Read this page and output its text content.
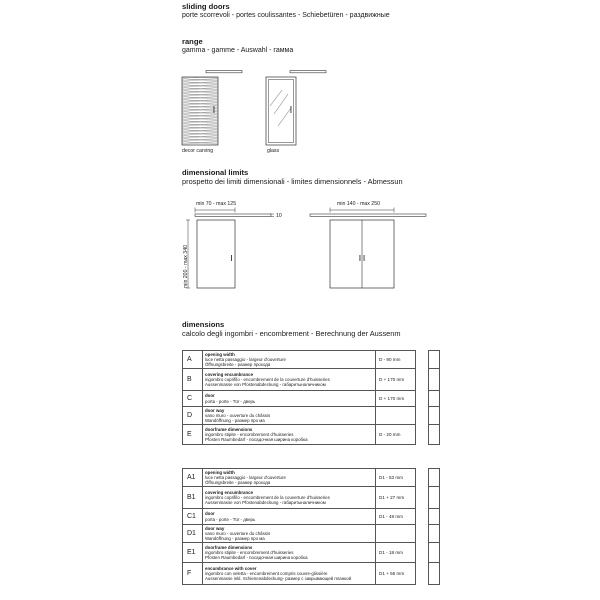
sliding doors
porte scorrevoli - portes coulissantes - Schiebetüren - раздвижные
range
gamma - gamme - Auswahl - гамма
decor carving	glass
dimensional limits
prospetto dei limiti dimensionali - limites dimensionnels - Abmessun
min 70 - max 125	min 140 - max 250
10
min 200 - max 340
dimensions
calcolo degli ingombri - encombrement - Berechnung der Aussenm
A	opening width
luce netta passaggio - largeur d'ouverture
Öffnungsbreite - размер прохода	D - 90 mm		
B	covering encumbrance
ingombro coprifilo - encombrement de la couverture d'huisseries
Aussenmasse von Pfostenabdeckung - габаритыналичником	D + 170 mm		
C	door
porta - porte - Tür - дверь	D + 170 mm		
D	door way
vano muro - ouverture du châssis
Wandöffnung - размер про ма			

E	doorframe dimensions
ingombro stipite - encombrement d'huisseries
Pfosten Raumbedarf - посадочная ширина коробка	D - 20 mm		
A1	opening width
luce netta passaggio - largeur d'ouverture
Öffnungsbreite - размер прохода	D1 - 53 mm		
B1	covering encumbrance
ingombro coprifilo - encombrement de la couverture d'huisseries
Aussenmasse von Pfostenabdeckung - габаритыналичником	D1 + 27 mm		
C1	door
porta - porte - Tür - дверь	D1 - 48 mm		
D1	door way
vano muro - ouverture du châssis
Wandöffnung - размер про ма			

E1	doorframe dimensions
ingombro stipite - encombrement d'huisseries
Pfosten Raumbedarf - посадочная ширина коробка	D1 - 18 mm		
F	encumbrance with cover
ingombro con veletta - encombrement compris couvre-glissière
Aussenmasse inkl. Schienenabdeckung- размер с закрывающей планкой	D1 + 55 mm		
